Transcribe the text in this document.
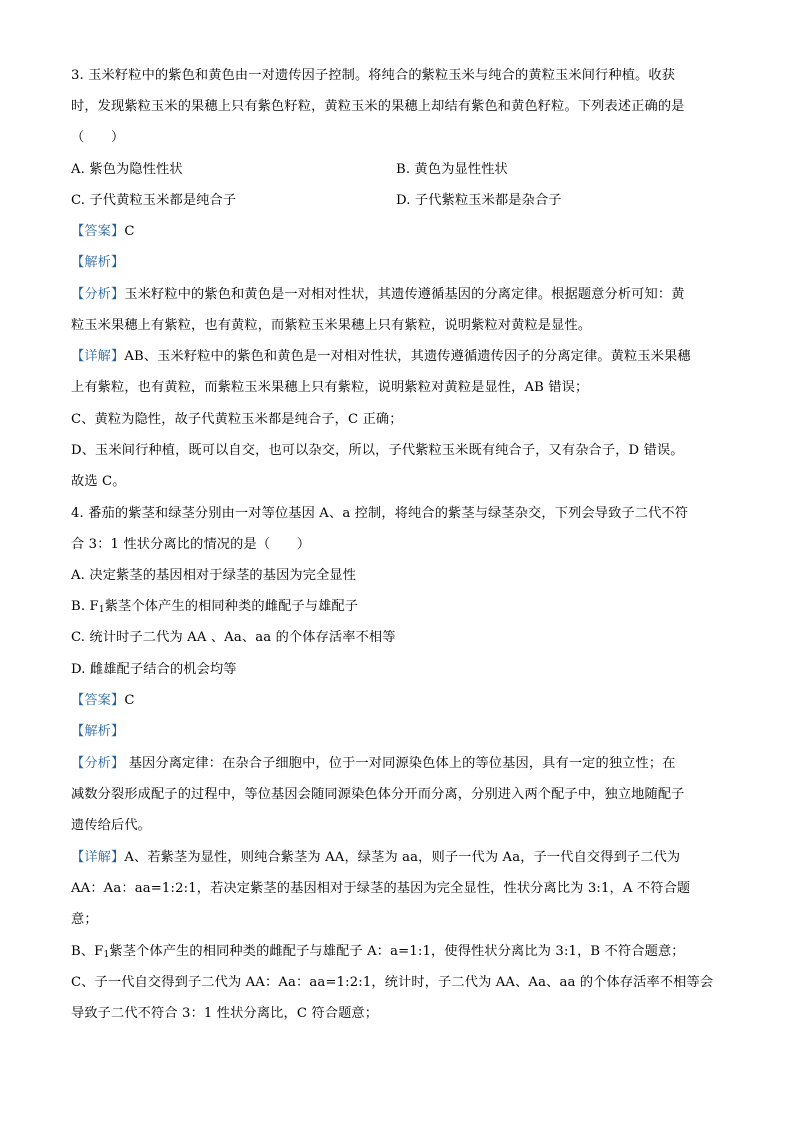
3. 玉米籽粒中的紫色和黄色由一对遗传因子控制。将纯合的紫粒玉米与纯合的黄粒玉米间行种植。收获
时，发现紫粒玉米的果穗上只有紫色籽粒，黄粒玉米的果穗上却结有紫色和黄色籽粒。下列表述正确的是
（　　）
A. 紫色为隐性性状	B. 黄色为显性性状
C. 子代黄粒玉米都是纯合子	D. 子代紫粒玉米都是杂合子
【答案】C
【解析】
【分析】玉米籽粒中的紫色和黄色是一对相对性状，其遗传遵循基因的分离定律。根据题意分析可知：黄
粒玉米果穗上有紫粒，也有黄粒，而紫粒玉米果穗上只有紫粒，说明紫粒对黄粒是显性。
【详解】AB、玉米籽粒中的紫色和黄色是一对相对性状，其遗传遵循遗传因子的分离定律。黄粒玉米果穗
上有紫粒，也有黄粒，而紫粒玉米果穗上只有紫粒，说明紫粒对黄粒是显性，AB 错误；
C、黄粒为隐性，故子代黄粒玉米都是纯合子，C 正确；
D、玉米间行种植，既可以自交，也可以杂交，所以，子代紫粒玉米既有纯合子，又有杂合子，D 错误。
故选 C。
4. 番茄的紫茎和绿茎分别由一对等位基因 A、a 控制，将纯合的紫茎与绿茎杂交，下列会导致子二代不符
合 3：1 性状分离比的情况的是（　　）
A. 决定紫茎的基因相对于绿茎的基因为完全显性
B. $F_1$紫茎个体产生的相同种类的雌配子与雄配子
C. 统计时子二代为 AA 、Aa、aa 的个体存活率不相等
D. 雌雄配子结合的机会均等
【答案】C
【解析】
【分析】 基因分离定律：在杂合子细胞中，位于一对同源染色体上的等位基因，具有一定的独立性；在
减数分裂形成配子的过程中，等位基因会随同源染色体分开而分离，分别进入两个配子中，独立地随配子
遗传给后代。
【详解】A、若紫茎为显性，则纯合紫茎为 AA，绿茎为 aa，则子一代为 Aa，子一代自交得到子二代为
AA：Aa：aa=1:2:1，若决定紫茎的基因相对于绿茎的基因为完全显性，性状分离比为 3:1，A 不符合题
意；
B、$F_1$紫茎个体产生的相同种类的雌配子与雄配子 A：a=1:1，使得性状分离比为 3:1，B 不符合题意；
C、子一代自交得到子二代为 AA：Aa：aa=1:2:1，统计时，子二代为 AA、Aa、aa 的个体存活率不相等会
导致子二代不符合 3：1 性状分离比，C 符合题意；
